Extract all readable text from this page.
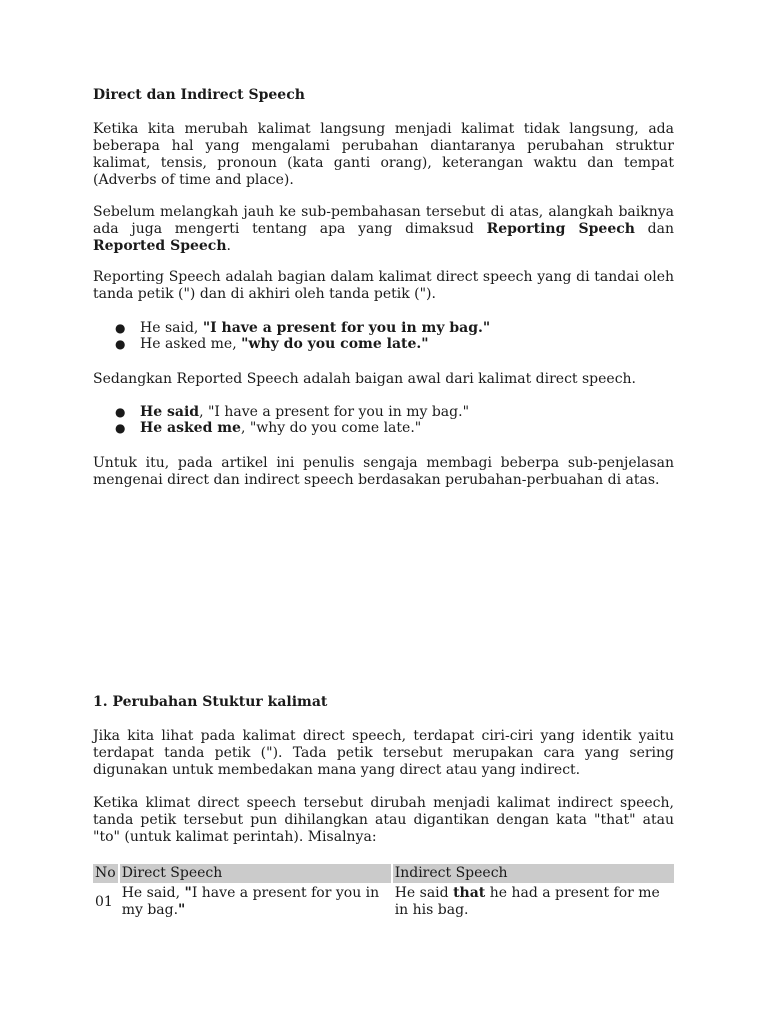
Direct dan Indirect Speech

Ketika kita merubah kalimat langsung menjadi kalimat tidak langsung, ada beberapa hal yang mengalami perubahan diantaranya perubahan struktur kalimat, tensis, pronoun (kata ganti orang), keterangan waktu dan tempat (Adverbs of time and place).

Sebelum melangkah jauh ke sub-pembahasan tersebut di atas, alangkah baiknya ada juga mengerti tentang apa yang dimaksud Reporting Speech dan Reported Speech.

Reporting Speech adalah bagian dalam kalimat direct speech yang di tandai oleh tanda petik (") dan di akhiri oleh tanda petik (").

● He said, "I have a present for you in my bag."
● He asked me, "why do you come late."

Sedangkan Reported Speech adalah baigan awal dari kalimat direct speech.

● He said, "I have a present for you in my bag."
● He asked me, "why do you come late."

Untuk itu, pada artikel ini penulis sengaja membagi beberpa sub-penjelasan mengenai direct dan indirect speech berdasakan perubahan-perbuahan di atas.

1. Perubahan Stuktur kalimat

Jika kita lihat pada kalimat direct speech, terdapat ciri-ciri yang identik yaitu terdapat tanda petik ("). Tada petik tersebut merupakan cara yang sering digunakan untuk membedakan mana yang direct atau yang indirect.

Ketika klimat direct speech tersebut dirubah menjadi kalimat indirect speech, tanda petik tersebut pun dihilangkan atau digantikan dengan kata "that" atau "to" (untuk kalimat perintah). Misalnya:

No	Direct Speech	Indirect Speech
01	He said, "I have a present for you in my bag."	He said that he had a present for me in his bag.
